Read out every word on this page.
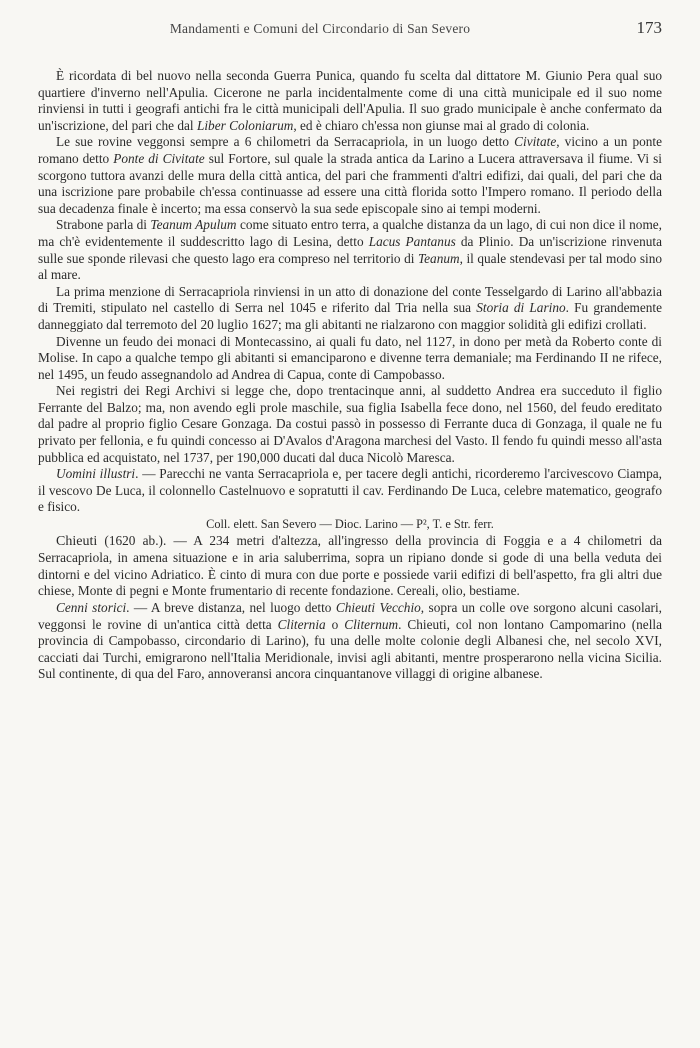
Mandamenti e Comuni del Circondario di San Severo	173

È ricordata di bel nuovo nella seconda Guerra Punica, quando fu scelta dal dittatore M. Giunio Pera qual suo quartiere d'inverno nell'Apulia. Cicerone ne parla incidentalmente come di una città municipale ed il suo nome rinviensi in tutti i geografi antichi fra le città municipali dell'Apulia. Il suo grado municipale è anche confermato da un'iscrizione, del pari che dal Liber Coloniarum, ed è chiaro ch'essa non giunse mai al grado di colonia.

Le sue rovine veggonsi sempre a 6 chilometri da Serracapriola, in un luogo detto Civitate, vicino a un ponte romano detto Ponte di Civitate sul Fortore, sul quale la strada antica da Larino a Lucera attraversava il fiume. Vi si scorgono tuttora avanzi delle mura della città antica, del pari che frammenti d'altri edifizi, dai quali, del pari che da una iscrizione pare probabile ch'essa continuasse ad essere una città florida sotto l'Impero romano. Il periodo della sua decadenza finale è incerto; ma essa conservò la sua sede episcopale sino ai tempi moderni.

Strabone parla di Teanum Apulum come situato entro terra, a qualche distanza da un lago, di cui non dice il nome, ma ch'è evidentemente il suddescritto lago di Lesina, detto Lacus Pantanus da Plinio. Da un'iscrizione rinvenuta sulle sue sponde rilevasi che questo lago era compreso nel territorio di Teanum, il quale stendevasi per tal modo sino al mare.

La prima menzione di Serracapriola rinviensi in un atto di donazione del conte Tesselgardo di Larino all'abbazia di Tremiti, stipulato nel castello di Serra nel 1045 e riferito dal Tria nella sua Storia di Larino. Fu grandemente danneggiato dal terremoto del 20 luglio 1627; ma gli abitanti ne rialzarono con maggior solidità gli edifizi crollati.

Divenne un feudo dei monaci di Montecassino, ai quali fu dato, nel 1127, in dono per metà da Roberto conte di Molise. In capo a qualche tempo gli abitanti si emanciparono e divenne terra demaniale; ma Ferdinando II ne rifece, nel 1495, un feudo assegnandolo ad Andrea di Capua, conte di Campobasso.

Nei registri dei Regi Archivi si legge che, dopo trentacinque anni, al suddetto Andrea era succeduto il figlio Ferrante del Balzo; ma, non avendo egli prole maschile, sua figlia Isabella fece dono, nel 1560, del feudo ereditato dal padre al proprio figlio Cesare Gonzaga. Da costui passò in possesso di Ferrante duca di Gonzaga, il quale ne fu privato per fellonia, e fu quindi concesso ai D'Avalos d'Aragona marchesi del Vasto. Il fendo fu quindi messo all'asta pubblica ed acquistato, nel 1737, per 190,000 ducati dal duca Nicolò Maresca.

Uomini illustri. — Parecchi ne vanta Serracapriola e, per tacere degli antichi, ricorderemo l'arcivescovo Ciampa, il vescovo De Luca, il colonnello Castelnuovo e sopratutti il cav. Ferdinando De Luca, celebre matematico, geografo e fisico.

Coll. elett. San Severo — Dioc. Larino — P², T. e Str. ferr.

Chieuti (1620 ab.). — A 234 metri d'altezza, all'ingresso della provincia di Foggia e a 4 chilometri da Serracapriola, in amena situazione e in aria saluberrima, sopra un ripiano donde si gode di una bella veduta dei dintorni e del vicino Adriatico. È cinto di mura con due porte e possiede varii edifizi di bell'aspetto, fra gli altri due chiese, Monte di pegni e Monte frumentario di recente fondazione. Cereali, olio, bestiame.

Cenni storici. — A breve distanza, nel luogo detto Chieuti Vecchio, sopra un colle ove sorgono alcuni casolari, veggonsi le rovine di un'antica città detta Cliternia o Cliternum. Chieuti, col non lontano Campomarino (nella provincia di Campobasso, circondario di Larino), fu una delle molte colonie degli Albanesi che, nel secolo XVI, cacciati dai Turchi, emigrarono nell'Italia Meridionale, invisi agli abitanti, mentre prosperarono nella vicina Sicilia. Sul continente, di qua del Faro, annoveransi ancora cinquantanove villaggi di origine albanese.
